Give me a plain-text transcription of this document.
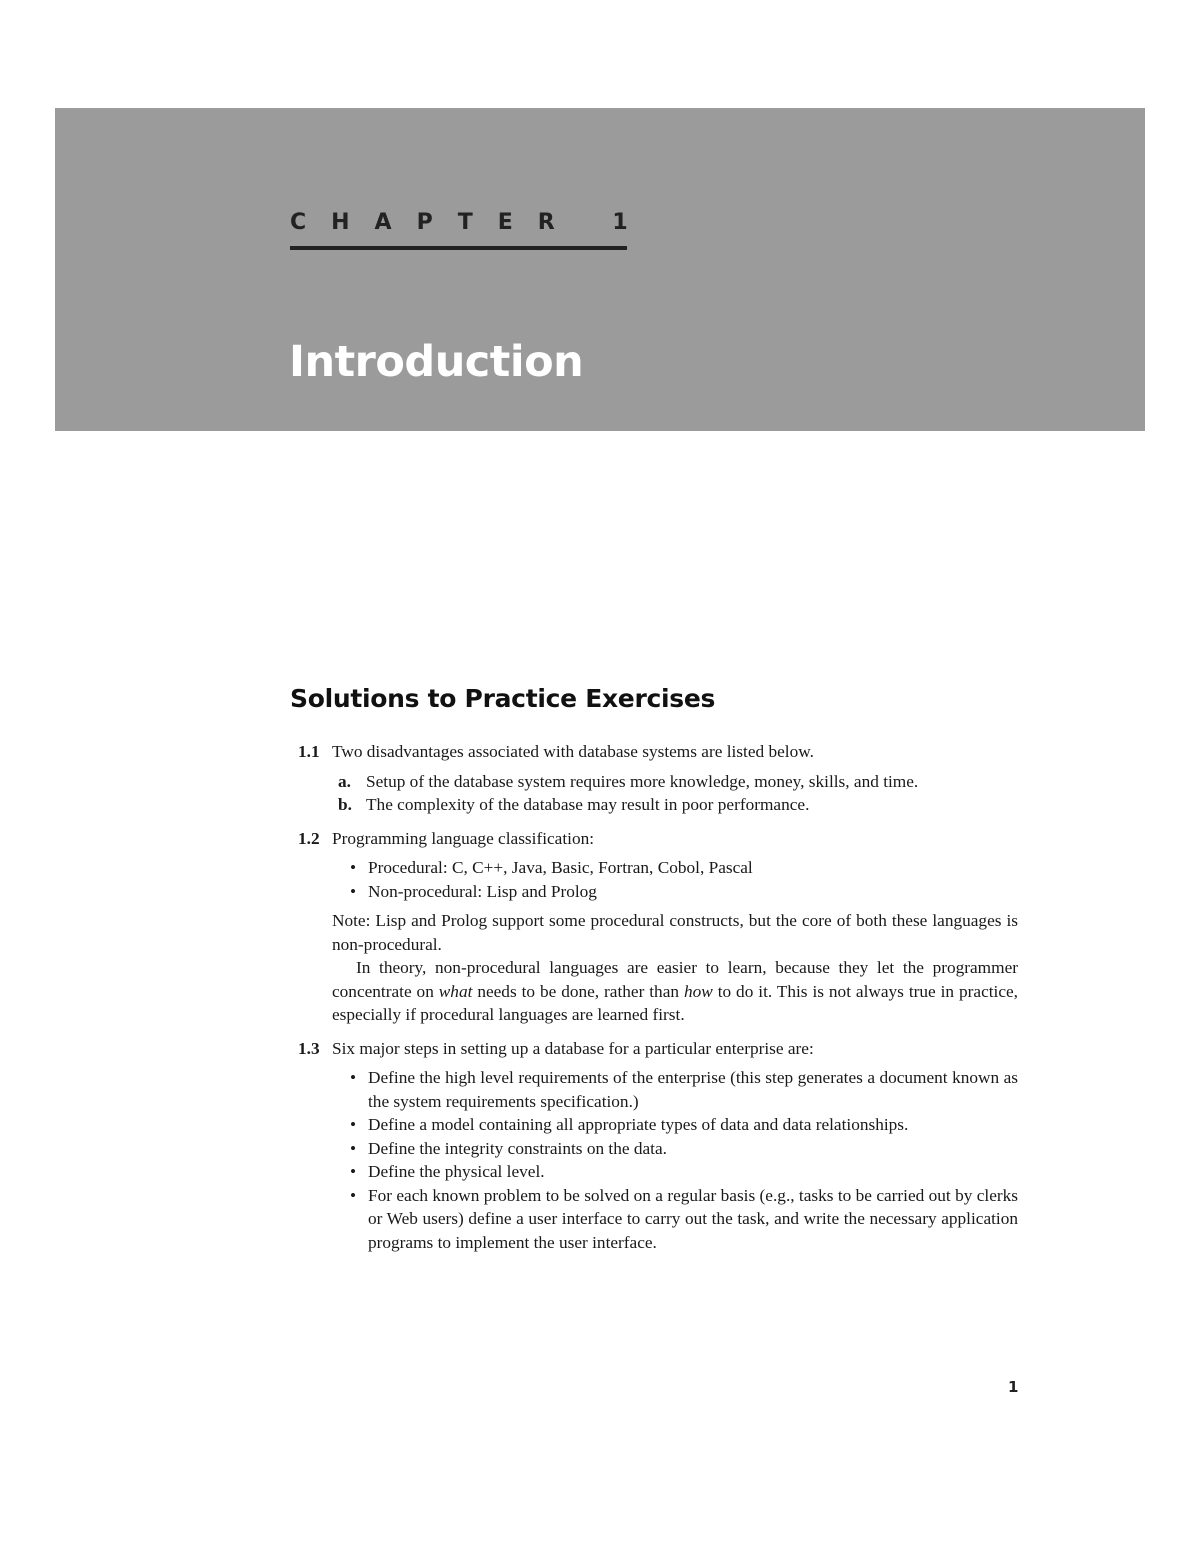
CHAPTER 1
Introduction
Solutions to Practice Exercises
1.1 Two disadvantages associated with database systems are listed below.

a. Setup of the database system requires more knowledge, money, skills, and time.
b. The complexity of the database may result in poor performance.
1.2 Programming language classification:

• Procedural: C, C++, Java, Basic, Fortran, Cobol, Pascal
• Non-procedural: Lisp and Prolog

Note: Lisp and Prolog support some procedural constructs, but the core of both these languages is non-procedural.

In theory, non-procedural languages are easier to learn, because they let the programmer concentrate on what needs to be done, rather than how to do it. This is not always true in practice, especially if procedural languages are learned first.

1.3 Six major steps in setting up a database for a particular enterprise are:

• Define the high level requirements of the enterprise (this step generates a document known as the system requirements specification.)
• Define a model containing all appropriate types of data and data relationships.
• Define the integrity constraints on the data.
• Define the physical level.
• For each known problem to be solved on a regular basis (e.g., tasks to be carried out by clerks or Web users) define a user interface to carry out the task, and write the necessary application programs to implement the user interface.
1
